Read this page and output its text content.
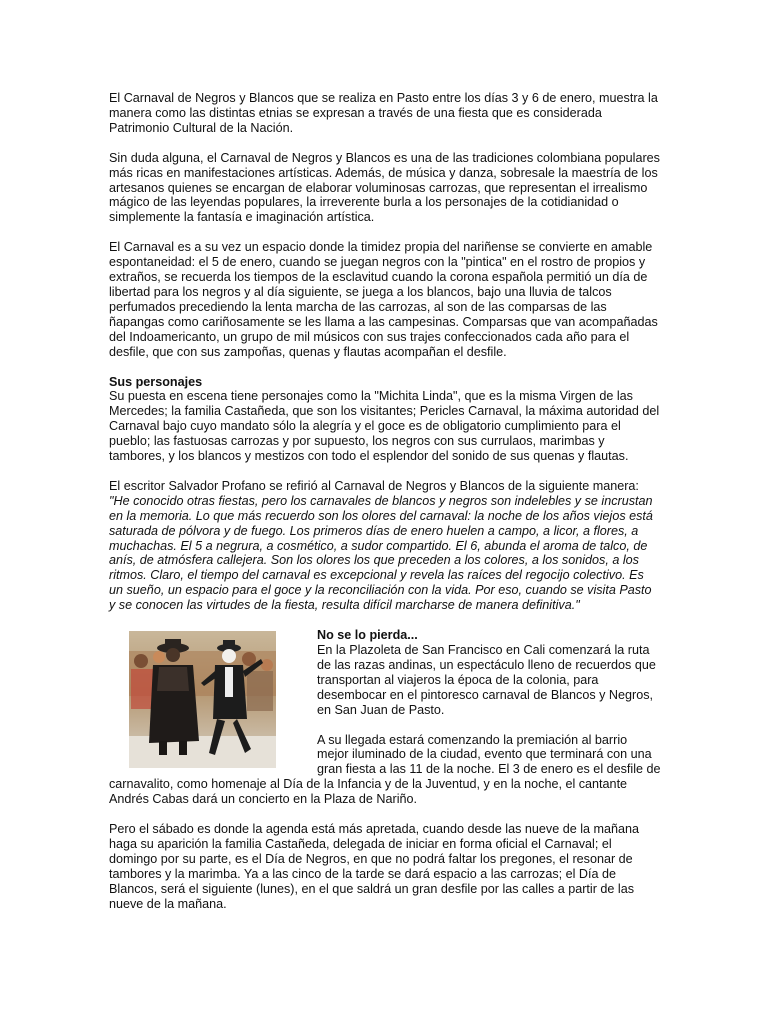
El Carnaval de Negros y Blancos que se realiza en Pasto entre los días 3 y 6 de enero, muestra la manera como las distintas etnias se expresan a través de una fiesta que es considerada Patrimonio Cultural de la Nación.

Sin duda alguna, el Carnaval de Negros y Blancos es una de las tradiciones colombiana populares más ricas en manifestaciones artísticas. Además, de música y danza, sobresale la maestría de los artesanos quienes se encargan de elaborar voluminosas carrozas, que representan el irrealismo mágico de las leyendas populares, la irreverente burla a los personajes de la cotidianidad o simplemente la fantasía e imaginación artística.

El Carnaval es a su vez un espacio donde la timidez propia del nariñense se convierte en amable espontaneidad: el 5 de enero, cuando se juegan negros con la "pintica" en el rostro de propios y extraños, se recuerda los tiempos de la esclavitud cuando la corona española permitió un día de libertad para los negros y al día siguiente, se juega a los blancos, bajo una lluvia de talcos perfumados precediendo la lenta marcha de las carrozas, al son de las comparsas de las ñapangas como cariñosamente se les llama a las campesinas. Comparsas que van acompañadas del Indoamericanto, un grupo de mil músicos con sus trajes confeccionados cada año para el desfile, que con sus zampoñas, quenas y flautas acompañan el desfile.

Sus personajes
Su puesta en escena tiene personajes como la "Michita Linda", que es la misma Virgen de las Mercedes; la familia Castañeda, que son los visitantes; Pericles Carnaval, la máxima autoridad del Carnaval bajo cuyo mandato sólo la alegría y el goce es de obligatorio cumplimiento para el pueblo; las fastuosas carrozas y por supuesto, los negros con sus currulaos, marimbas y tambores, y los blancos y mestizos con todo el esplendor del sonido de sus quenas y flautas.

El escritor Salvador Profano se refirió al Carnaval de Negros y Blancos de la siguiente manera: "He conocido otras fiestas, pero los carnavales de blancos y negros son indelebles y se incrustan en la memoria. Lo que más recuerdo son los olores del carnaval: la noche de los años viejos está saturada de pólvora y de fuego. Los primeros días de enero huelen a campo, a licor, a flores, a muchachas. El 5 a negrura, a cosmético, a sudor compartido. El 6, abunda el aroma de talco, de anís, de atmósfera callejera. Son los olores los que preceden a los colores, a los sonidos, a los ritmos. Claro, el tiempo del carnaval es excepcional y revela las raíces del regocijo colectivo. Es un sueño, un espacio para el goce y la reconciliación con la vida. Por eso, cuando se visita Pasto y se conocen las virtudes de la fiesta, resulta difícil marcharse de manera definitiva."

No se lo pierda...

En la Plazoleta de San Francisco en Cali comenzará la ruta de las razas andinas, un espectáculo lleno de recuerdos que transportan al viajeros la época de la colonia, para desembocar en el pintoresco carnaval de Blancos y Negros, en San Juan de Pasto.

A su llegada estará comenzando la premiación al barrio mejor iluminado de la ciudad, evento que terminará con una gran fiesta a las 11 de la noche. El 3 de enero es el desfile de carnavalito, como homenaje al Día de la Infancia y de la Juventud, y en la noche, el cantante Andrés Cabas dará un concierto en la Plaza de Nariño.

Pero el sábado es donde la agenda está más apretada, cuando desde las nueve de la mañana haga su aparición la familia Castañeda, delegada de iniciar en forma oficial el Carnaval; el domingo por su parte, es el Día de Negros, en que no podrá faltar los pregones, el resonar de tambores y la marimba. Ya a las cinco de la tarde se dará espacio a las carrozas; el Día de Blancos, será el siguiente (lunes), en el que saldrá un gran desfile por las calles a partir de las nueve de la mañana.
